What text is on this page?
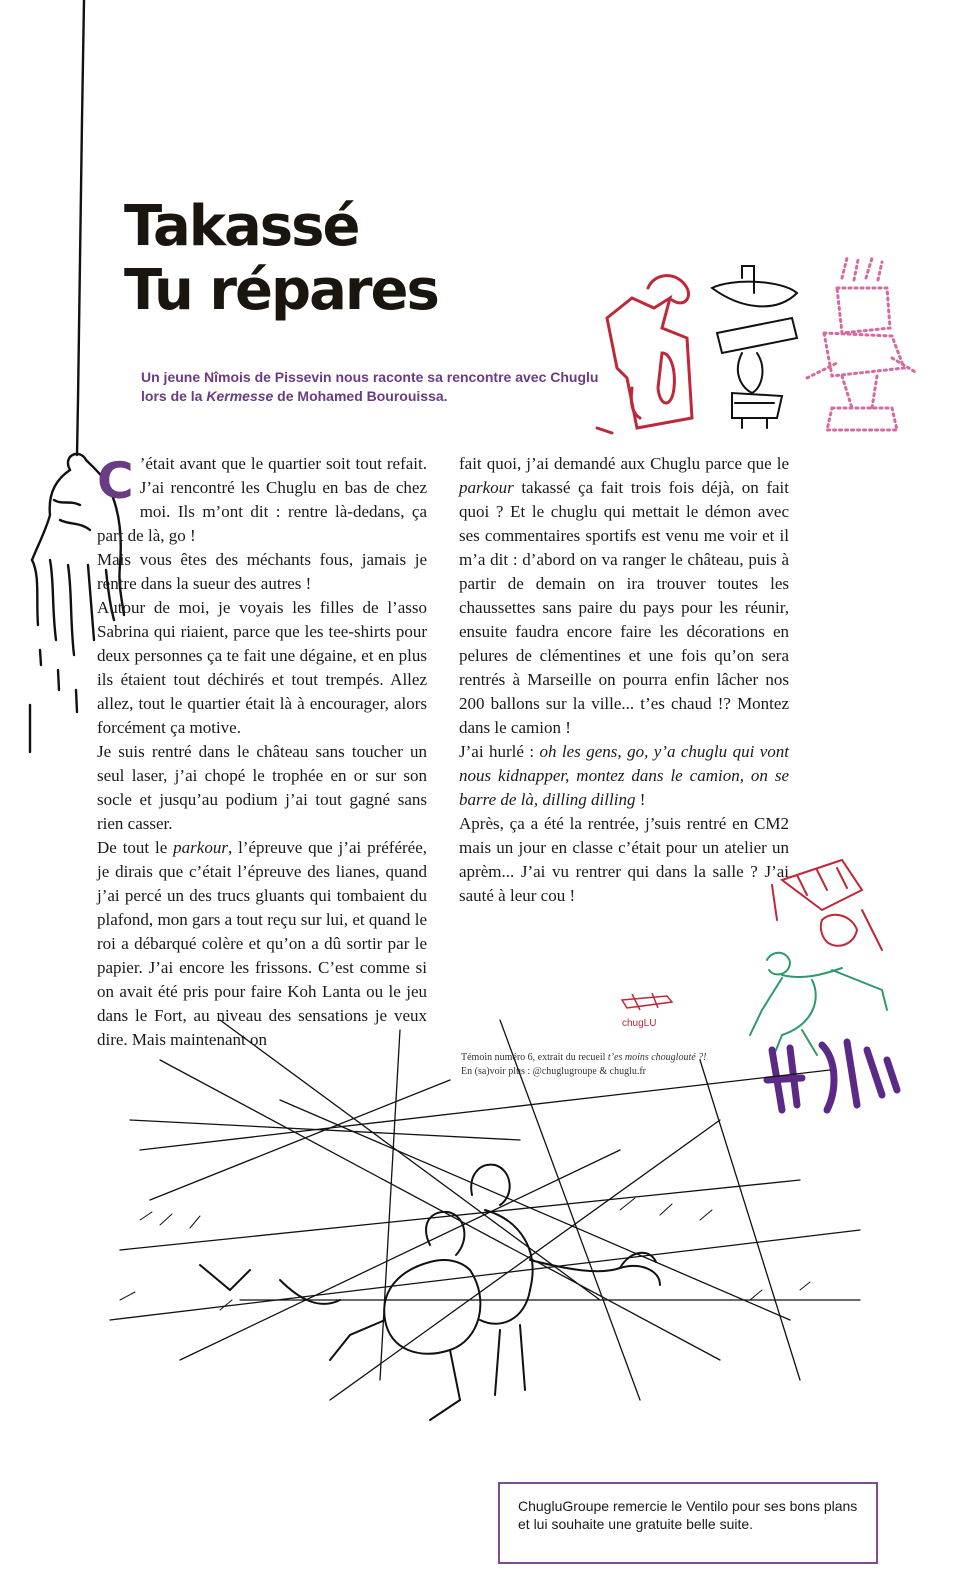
Takassé
Tu répares

Un jeune Nîmois de Pissevin nous raconte sa rencontre avec Chuglu lors de la Kermesse de Mohamed Bourouissa.

C ’était avant que le quartier soit tout refait. J’ai rencontré les Chuglu en bas de chez moi. Ils m’ont dit : rentre là-dedans, ça part de là, go !

Mais vous êtes des méchants fous, jamais je rentre dans la sueur des autres !

Autour de moi, je voyais les filles de l’asso Sabrina qui riaient, parce que les tee-shirts pour deux personnes ça te fait une dégaine, et en plus ils étaient tout déchirés et tout trempés. Allez allez, tout le quartier était là à encourager, alors forcément ça motive.

Je suis rentré dans le château sans toucher un seul laser, j’ai chopé le trophée en or sur son socle et jusqu’au podium j’ai tout gagné sans rien casser.

De tout le parkour, l’épreuve que j’ai préférée, je dirais que c’était l’épreuve des lianes, quand j’ai percé un des trucs gluants qui tombaient du plafond, mon gars a tout reçu sur lui, et quand le roi a débarqué colère et qu’on a dû sortir par le papier. J’ai encore les frissons. C’est comme si on avait été pris pour faire Koh Lanta ou le jeu dans le Fort, au niveau des sensations je veux dire. Mais maintenant on

fait quoi, j’ai demandé aux Chuglu parce que le parkour takassé ça fait trois fois déjà, on fait quoi ? Et le chuglu qui mettait le démon avec ses commentaires sportifs est venu me voir et il m’a dit : d’abord on va ranger le château, puis à partir de demain on ira trouver toutes les chaussettes sans paire du pays pour les réunir, ensuite faudra encore faire les décorations en pelures de clémentines et une fois qu’on sera rentrés à Marseille on pourra enfin lâcher nos 200 ballons sur la ville... t’es chaud !? Montez dans le camion !

J’ai hurlé : oh les gens, go, y’a chuglu qui vont nous kidnapper, montez dans le camion, on se barre de là, dilling dilling !

Après, ça a été la rentrée, j’suis rentré en CM2 mais un jour en classe c’était pour un atelier un aprèm... J’ai vu rentrer qui dans la salle ? J’ai sauté à leur cou !

chugLU

Témoin numéro 6, extrait du recueil t’es moins chouglouté ?!
En (sa)voir plus : @chuglugroupe & chuglu.fr

ChugluGroupe remercie le Ventilo pour ses bons plans et lui souhaite une gratuite belle suite.
